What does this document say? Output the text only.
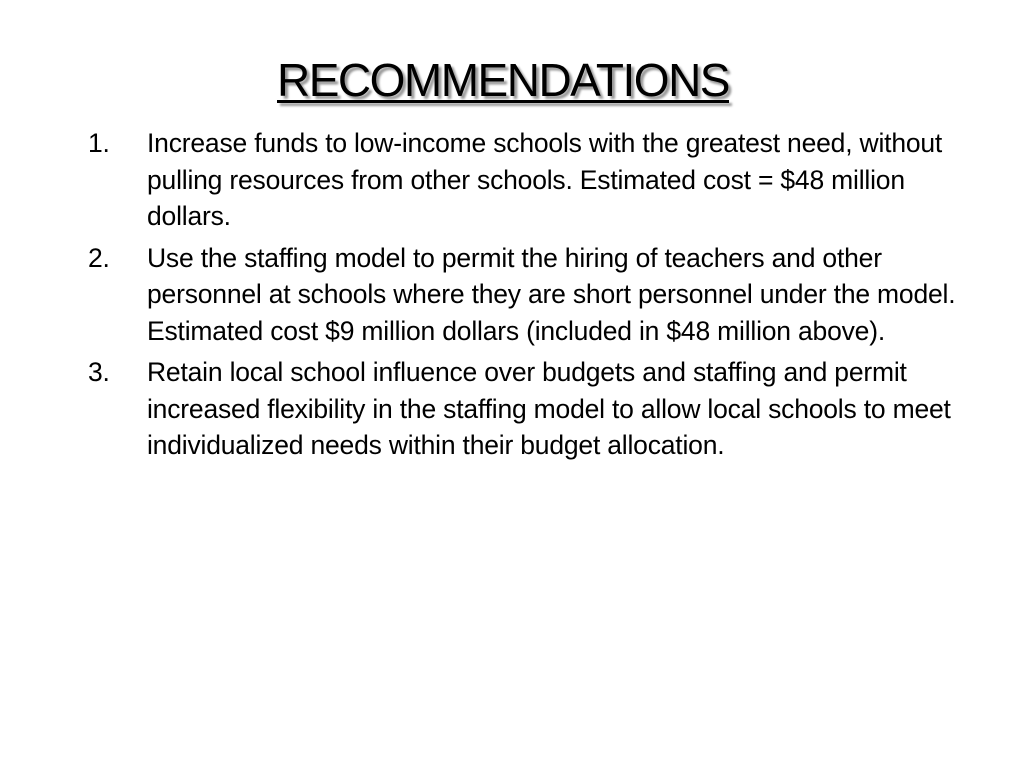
RECOMMENDATIONS
1.	Increase funds to low-income schools with the greatest need, without pulling resources from other schools. Estimated cost = $48 million dollars.
2.	Use the staffing model to permit the hiring of teachers and other personnel at schools where they are short personnel under the model. Estimated cost $9 million dollars (included in $48 million above).
3.	Retain local school influence over budgets and staffing and permit increased flexibility in the staffing model to allow local schools to meet individualized needs within their budget allocation.
